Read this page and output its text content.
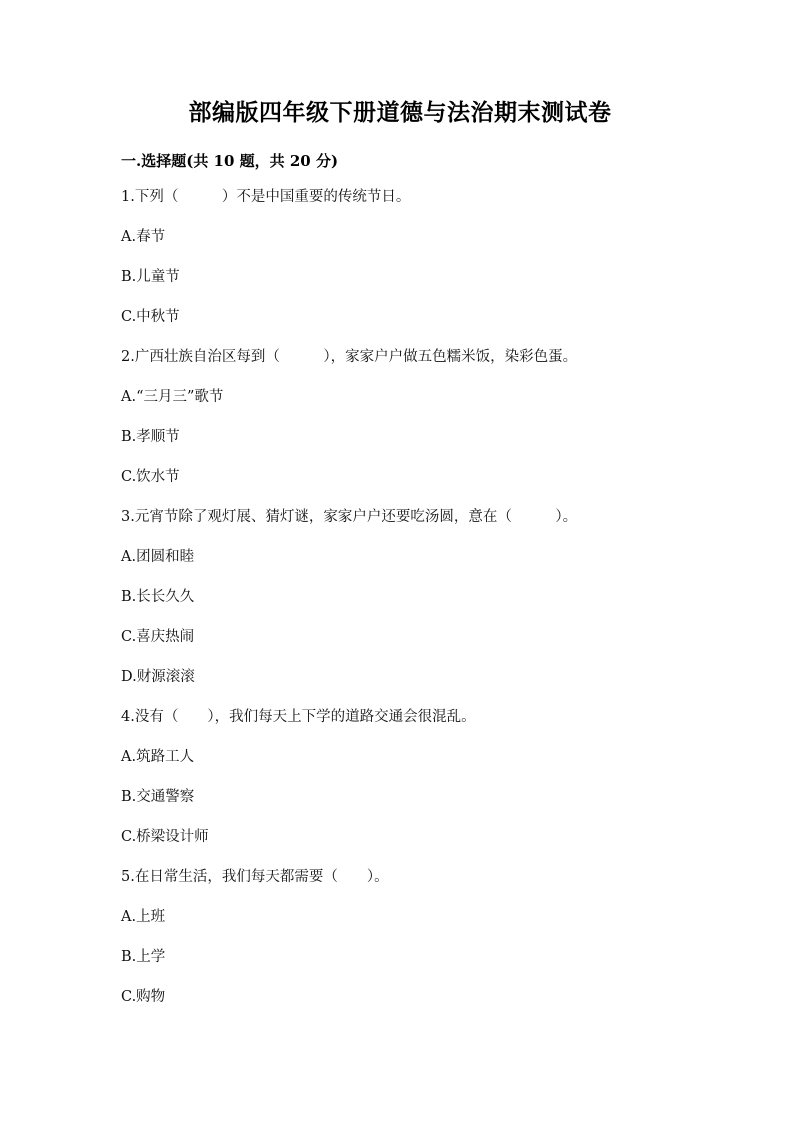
部编版四年级下册道德与法治期末测试卷
一.选择题(共 10 题，共 20 分)
1.下列（　　　）不是中国重要的传统节日。
A.春节
B.儿童节
C.中秋节
2.广西壮族自治区每到（　　　），家家户户做五色糯米饭，染彩色蛋。
A.“三月三”歌节
B.孝顺节
C.饮水节
3.元宵节除了观灯展、猜灯谜，家家户户还要吃汤圆，意在（　　　）。
A.团圆和睦
B.长长久久
C.喜庆热闹
D.财源滚滚
4.没有（　　），我们每天上下学的道路交通会很混乱。
A.筑路工人
B.交通警察
C.桥梁设计师
5.在日常生活，我们每天都需要（　　）。
A.上班
B.上学
C.购物
